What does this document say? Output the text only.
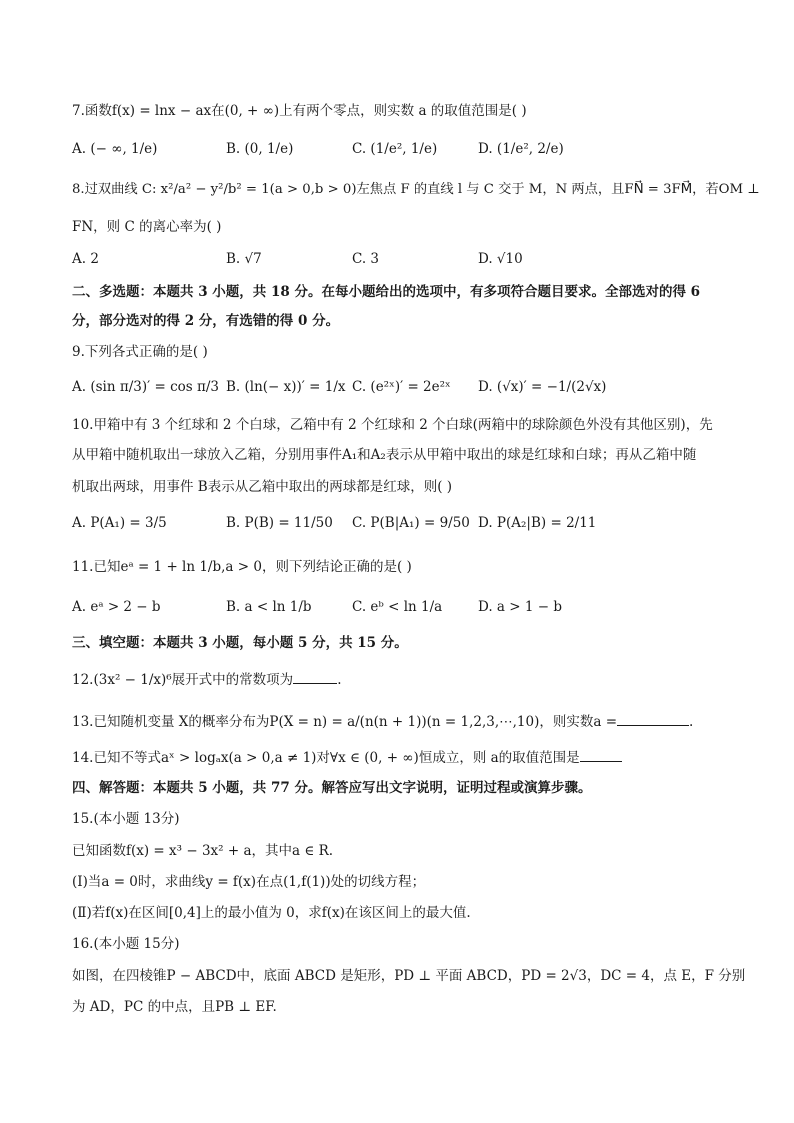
7.函数f(x) = lnx − ax在(0, + ∞)上有两个零点，则实数 a 的取值范围是( )
A. (− ∞, 1/e)	B. (0, 1/e)	C. (1/e², 1/e)	D. (1/e², 2/e)
8.过双曲线 C: x²/a² − y²/b² = 1(a > 0,b > 0)左焦点 F 的直线 l 与 C 交于 M，N 两点，且FN⃗ = 3FM⃗，若OM ⊥
FN，则 C 的离心率为( )
A. 2	B. √7	C. 3	D. √10
二、多选题：本题共 3 小题，共 18 分。在每小题给出的选项中，有多项符合题目要求。全部选对的得 6
分，部分选对的得 2 分，有选错的得 0 分。
9.下列各式正确的是( )
A. (sin π/3)′ = cos π/3 B. (ln(− x))′ = 1/x C. (e²ˣ)′ = 2e²ˣ D. (√x)′ = −1/(2√x)
10.甲箱中有 3 个红球和 2 个白球，乙箱中有 2 个红球和 2 个白球(两箱中的球除颜色外没有其他区别)，先
从甲箱中随机取出一球放入乙箱，分别用事件A₁和A₂表示从甲箱中取出的球是红球和白球；再从乙箱中随
机取出两球，用事件 B表示从乙箱中取出的两球都是红球，则( )
A. P(A₁) = 3/5	B. P(B) = 11/50 C. P(B|A₁) = 9/50 D. P(A₂|B) = 2/11
11.已知eᵃ = 1 + ln 1/b,a > 0，则下列结论正确的是( )
A. eᵃ > 2 − b	B. a < ln 1/b	C. eᵇ < ln 1/a	D. a > 1 − b
三、填空题：本题共 3 小题，每小题 5 分，共 15 分。
12.(3x² − 1/x)⁶展开式中的常数项为	.
13.已知随机变量 X的概率分布为P(X = n) = a/(n(n + 1))(n = 1,2,3,⋯,10)，则实数a =	.
14.已知不等式aˣ > logₐx(a > 0,a ≠ 1)对∀x ∈ (0, + ∞)恒成立，则 a的取值范围是
四、解答题：本题共 5 小题，共 77 分。解答应写出文字说明，证明过程或演算步骤。
15.(本小题 13分)
已知函数f(x) = x³ − 3x² + a，其中a ∈ R.
(Ⅰ)当a = 0时，求曲线y = f(x)在点(1,f(1))处的切线方程；
(Ⅱ)若f(x)在区间[0,4]上的最小值为 0，求f(x)在该区间上的最大值.
16.(本小题 15分)
如图，在四棱锥P − ABCD中，底面 ABCD 是矩形，PD ⊥ 平面 ABCD，PD = 2√3，DC = 4，点 E，F 分别
为 AD，PC 的中点，且PB ⊥ EF.
